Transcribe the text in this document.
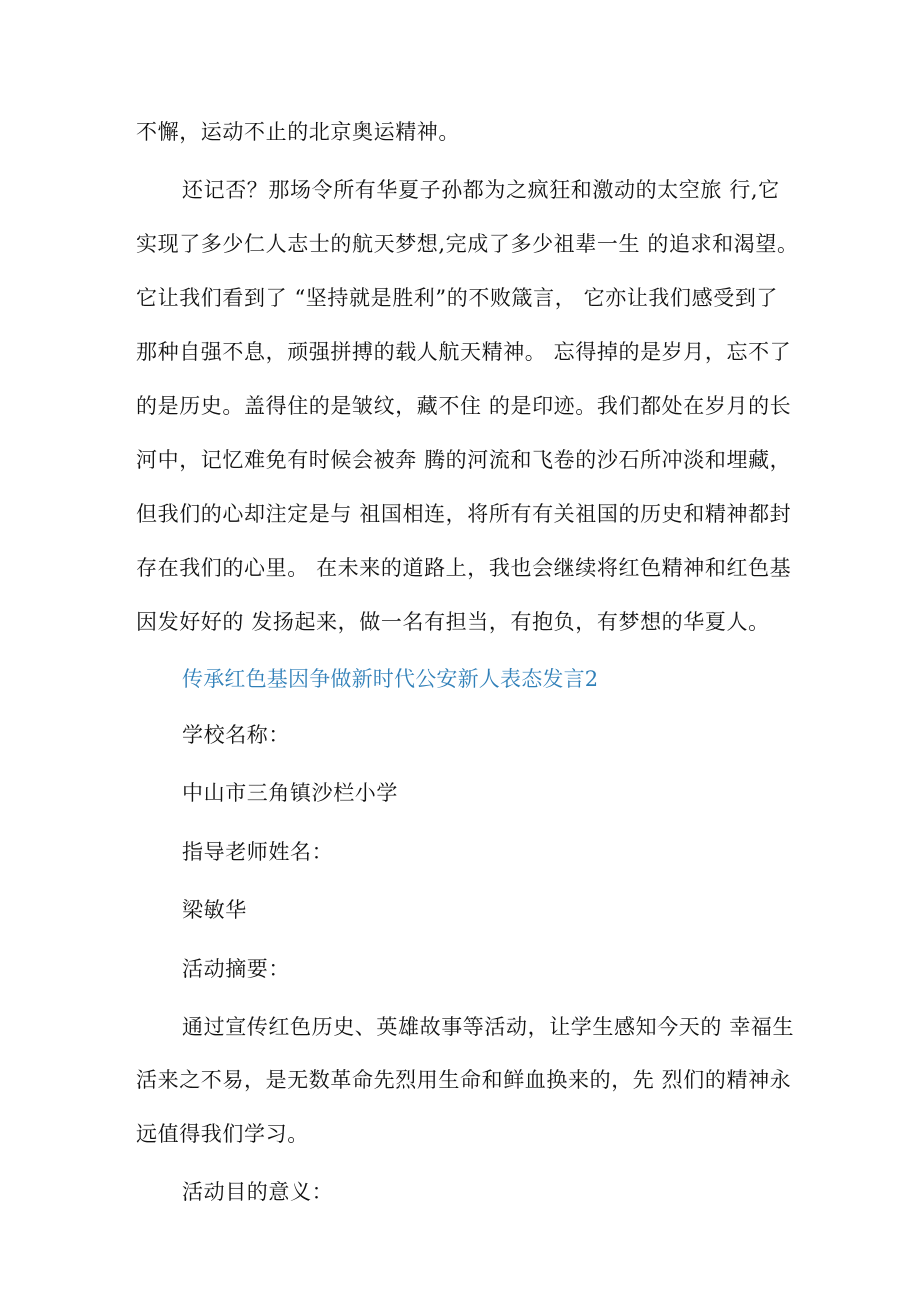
不懈，运动不止的北京奥运精神。
还记否？那场令所有华夏子孙都为之疯狂和激动的太空旅 行,它
实现了多少仁人志士的航天梦想,完成了多少祖辈一生 的追求和渴望。
它让我们看到了 “坚持就是胜利”的不败箴言， 它亦让我们感受到了
那种自强不息，顽强拼搏的载人航天精神。 忘得掉的是岁月，忘不了
的是历史。盖得住的是皱纹，藏不住 的是印迹。我们都处在岁月的长
河中，记忆难免有时候会被奔 腾的河流和飞卷的沙石所冲淡和埋藏，
但我们的心却注定是与 祖国相连，将所有有关祖国的历史和精神都封
存在我们的心里。 在未来的道路上，我也会继续将红色精神和红色基
因发好好的 发扬起来，做一名有担当，有抱负，有梦想的华夏人。
传承红色基因争做新时代公安新人表态发言2
学校名称：
中山市三角镇沙栏小学
指导老师姓名：
梁敏华
活动摘要：
通过宣传红色历史、英雄故事等活动，让学生感知今天的 幸福生
活来之不易，是无数革命先烈用生命和鲜血换来的，先 烈们的精神永
远值得我们学习。
活动目的意义：
